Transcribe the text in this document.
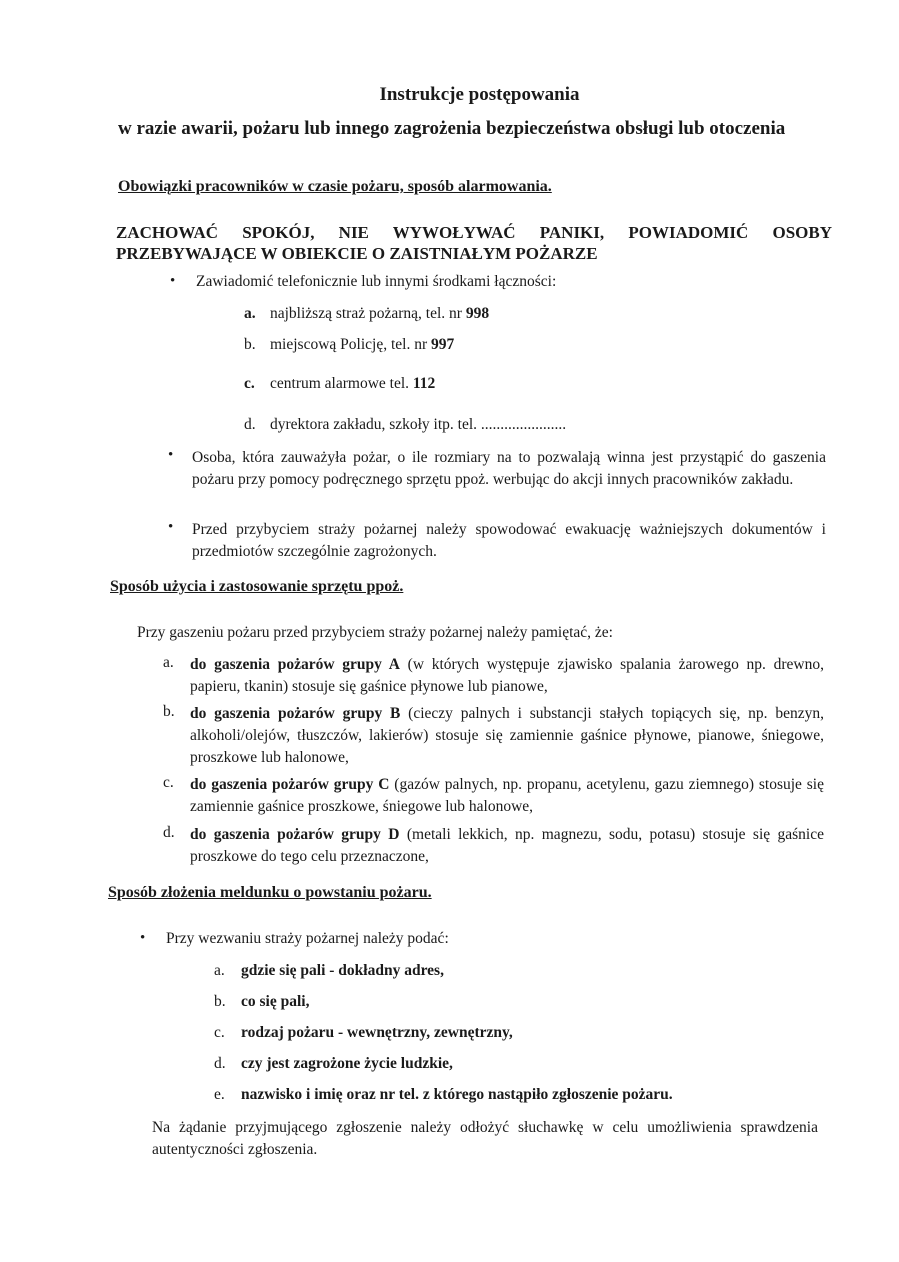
Instrukcje postępowania
w razie awarii, pożaru lub innego zagrożenia bezpieczeństwa obsługi lub otoczenia
Obowiązki pracowników w czasie pożaru, sposób alarmowania.
ZACHOWAĆ SPOKÓJ, NIE WYWOŁYWAĆ PANIKI, POWIADOMIĆ OSOBY PRZEBYWAJĄCE W OBIEKCIE O ZAISTNIAŁYM POŻARZE
• Zawiadomić telefonicznie lub innymi środkami łączności:
a. najbliższą straż pożarną, tel. nr 998
b. miejscową Policję, tel. nr 997
c. centrum alarmowe tel. 112
d. dyrektora zakładu, szkoły itp. tel. ......................
• Osoba, która zauważyła pożar, o ile rozmiary na to pozwalają winna jest przystąpić do gaszenia pożaru przy pomocy podręcznego sprzętu ppoż. werbując do akcji innych pracowników zakładu.
• Przed przybyciem straży pożarnej należy spowodować ewakuację ważniejszych dokumentów i przedmiotów szczególnie zagrożonych.
Sposób użycia i zastosowanie sprzętu ppoż.
Przy gaszeniu pożaru przed przybyciem straży pożarnej należy pamiętać, że:
a. do gaszenia pożarów grupy A (w których występuje zjawisko spalania żarowego np. drewno, papieru, tkanin) stosuje się gaśnice płynowe lub pianowe,
b. do gaszenia pożarów grupy B (cieczy palnych i substancji stałych topiących się, np. benzyn, alkoholi/olejów, tłuszczów, lakierów) stosuje się zamiennie gaśnice płynowe, pianowe, śniegowe, proszkowe lub halonowe,
c. do gaszenia pożarów grupy C (gazów palnych, np. propanu, acetylenu, gazu ziemnego) stosuje się zamiennie gaśnice proszkowe, śniegowe lub halonowe,
d. do gaszenia pożarów grupy D (metali lekkich, np. magnezu, sodu, potasu) stosuje się gaśnice proszkowe do tego celu przeznaczone,
Sposób złożenia meldunku o powstaniu pożaru.
• Przy wezwaniu straży pożarnej należy podać:
a. gdzie się pali - dokładny adres,
b. co się pali,
c. rodzaj pożaru - wewnętrzny, zewnętrzny,
d. czy jest zagrożone życie ludzkie,
e. nazwisko i imię oraz nr tel. z którego nastąpiło zgłoszenie pożaru.
Na żądanie przyjmującego zgłoszenie należy odłożyć słuchawkę w celu umożliwienia sprawdzenia autentyczności zgłoszenia.
